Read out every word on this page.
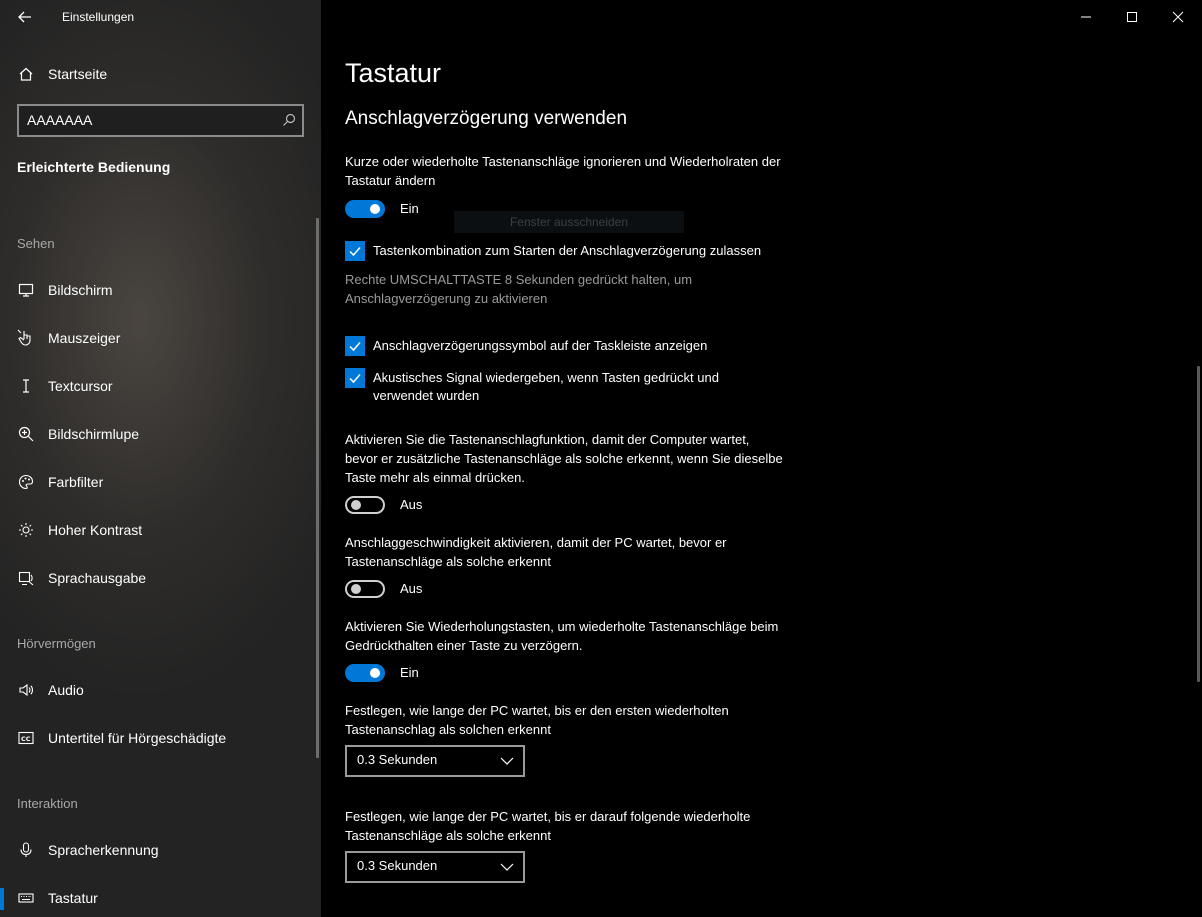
Einstellungen
Startseite
AAAAAAA
Erleichterte Bedienung
Sehen
Bildschirm
Mauszeiger
Textcursor
Bildschirmlupe
Farbfilter
Hoher Kontrast
Sprachausgabe
Hörvermögen
Audio
CC Untertitel für Hörgeschädigte
Interaktion
Spracherkennung
Tastatur
Tastatur
Anschlagverzögerung verwenden
Kurze oder wiederholte Tastenanschläge ignorieren und Wiederholraten der Tastatur ändern
Ein
Fenster ausschneiden
Tastenkombination zum Starten der Anschlagverzögerung zulassen
Rechte UMSCHALTTASTE 8 Sekunden gedrückt halten, um Anschlagverzögerung zu aktivieren
Anschlagverzögerungssymbol auf der Taskleiste anzeigen
Akustisches Signal wiedergeben, wenn Tasten gedrückt und verwendet wurden
Aktivieren Sie die Tastenanschlagfunktion, damit der Computer wartet, bevor er zusätzliche Tastenanschläge als solche erkennt, wenn Sie dieselbe Taste mehr als einmal drücken.
Aus
Anschlaggeschwindigkeit aktivieren, damit der PC wartet, bevor er Tastenanschläge als solche erkennt
Aus
Aktivieren Sie Wiederholungstasten, um wiederholte Tastenanschläge beim Gedrückthalten einer Taste zu verzögern.
Ein
Festlegen, wie lange der PC wartet, bis er den ersten wiederholten Tastenanschlag als solchen erkennt
0.3 Sekunden
Festlegen, wie lange der PC wartet, bis er darauf folgende wiederholte Tastenanschläge als solche erkennt
0.3 Sekunden
